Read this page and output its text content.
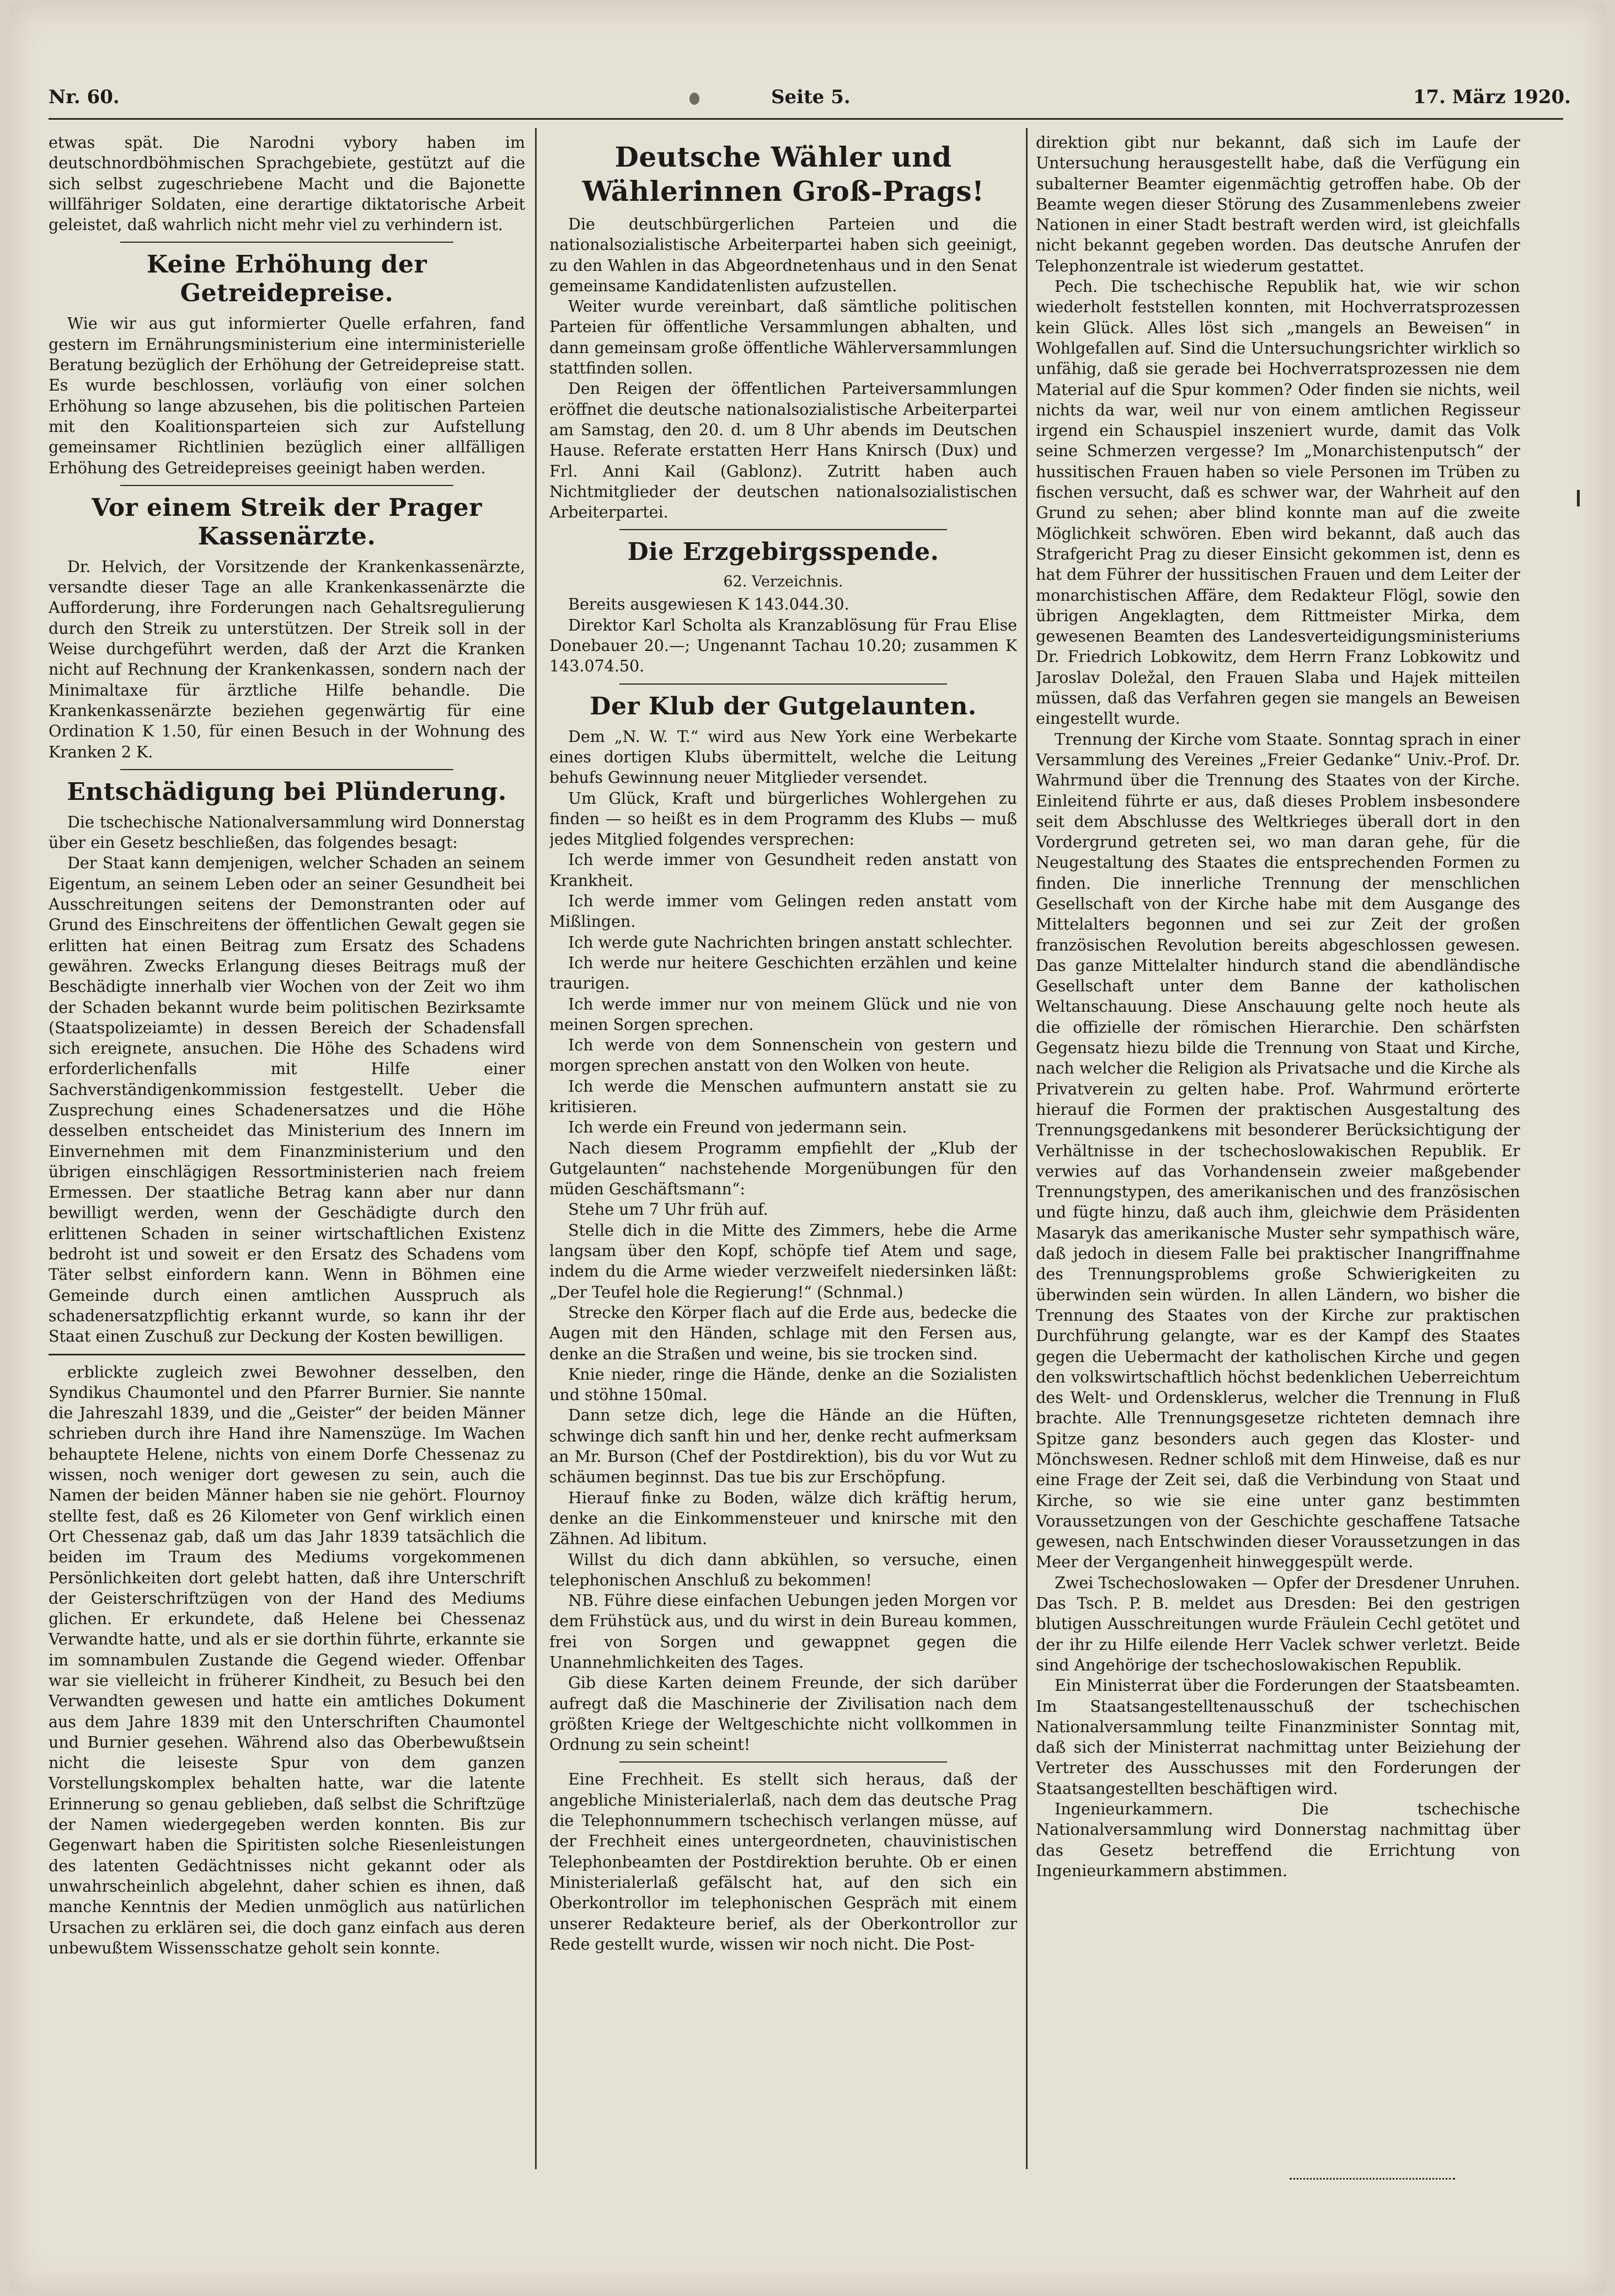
Nr. 60.	Seite 5.	17. März 1920.

etwas spät. Die Narodni vybory haben im deutschnordböhmischen Sprachgebiete, gestützt auf die sich selbst zugeschriebene Macht und die Bajonette willfähriger Soldaten, eine derartige diktatorische Arbeit geleistet, daß wahrlich nicht mehr viel zu verhindern ist.

Keine Erhöhung der Getreidepreise.

Wie wir aus gut informierter Quelle erfahren, fand gestern im Ernährungsministerium eine interministerielle Beratung bezüglich der Erhöhung der Getreidepreise statt. Es wurde beschlossen, vorläufig von einer solchen Erhöhung so lange abzusehen, bis die politischen Parteien mit den Koalitionsparteien sich zur Aufstellung gemeinsamer Richtlinien bezüglich einer allfälligen Erhöhung des Getreidepreises geeinigt haben werden.

Vor einem Streik der Prager Kassenärzte.

Dr. Helvich, der Vorsitzende der Krankenkassenärzte, versandte dieser Tage an alle Krankenkassenärzte die Aufforderung, ihre Forderungen nach Gehaltsregulierung durch den Streik zu unterstützen. Der Streik soll in der Weise durchgeführt werden, daß der Arzt die Kranken nicht auf Rechnung der Krankenkassen, sondern nach der Minimaltaxe für ärztliche Hilfe behandle. Die Krankenkassenärzte beziehen gegenwärtig für eine Ordination K 1.50, für einen Besuch in der Wohnung des Kranken 2 K.

Entschädigung bei Plünderung.

Die tschechische Nationalversammlung wird Donnerstag über ein Gesetz beschließen, das folgendes besagt:

Der Staat kann demjenigen, welcher Schaden an seinem Eigentum, an seinem Leben oder an seiner Gesundheit bei Ausschreitungen seitens der Demonstranten oder auf Grund des Einschreitens der öffentlichen Gewalt gegen sie erlitten hat einen Beitrag zum Ersatz des Schadens gewähren. Zwecks Erlangung dieses Beitrags muß der Beschädigte innerhalb vier Wochen von der Zeit wo ihm der Schaden bekannt wurde beim politischen Bezirksamte (Staatspolizeiamte) in dessen Bereich der Schadensfall sich ereignete, ansuchen. Die Höhe des Schadens wird erforderlichenfalls mit Hilfe einer Sachverständigenkommission festgestellt. Ueber die Zusprechung eines Schadenersatzes und die Höhe desselben entscheidet das Ministerium des Innern im Einvernehmen mit dem Finanzministerium und den übrigen einschlägigen Ressortministerien nach freiem Ermessen. Der staatliche Betrag kann aber nur dann bewilligt werden, wenn der Geschädigte durch den erlittenen Schaden in seiner wirtschaftlichen Existenz bedroht ist und soweit er den Ersatz des Schadens vom Täter selbst einfordern kann. Wenn in Böhmen eine Gemeinde durch einen amtlichen Ausspruch als schadenersatzpflichtig erkannt wurde, so kann ihr der Staat einen Zuschuß zur Deckung der Kosten bewilligen.

erblickte zugleich zwei Bewohner desselben, den Syndikus Chaumontel und den Pfarrer Burnier. Sie nannte die Jahreszahl 1839, und die „Geister“ der beiden Männer schrieben durch ihre Hand ihre Namenszüge. Im Wachen behauptete Helene, nichts von einem Dorfe Chessenaz zu wissen, noch weniger dort gewesen zu sein, auch die Namen der beiden Männer haben sie nie gehört. Flournoy stellte fest, daß es 26 Kilometer von Genf wirklich einen Ort Chessenaz gab, daß um das Jahr 1839 tatsächlich die beiden im Traum des Mediums vorgekommenen Persönlichkeiten dort gelebt hatten, daß ihre Unterschrift der Geisterschriftzügen von der Hand des Mediums glichen. Er erkundete, daß Helene bei Chessenaz Verwandte hatte, und als er sie dorthin führte, erkannte sie im somnambulen Zustande die Gegend wieder. Offenbar war sie vielleicht in früherer Kindheit, zu Besuch bei den Verwandten gewesen und hatte ein amtliches Dokument aus dem Jahre 1839 mit den Unterschriften Chaumontel und Burnier gesehen. Während also das Oberbewußtsein nicht die leiseste Spur von dem ganzen Vorstellungskomplex behalten hatte, war die latente Erinnerung so genau geblieben, daß selbst die Schriftzüge der Namen wiedergegeben werden konnten. Bis zur Gegenwart haben die Spiritisten solche Riesenleistungen des latenten Gedächtnisses nicht gekannt oder als unwahrscheinlich abgelehnt, daher schien es ihnen, daß manche Kenntnis der Medien unmöglich aus natürlichen Ursachen zu erklären sei, die doch ganz einfach aus deren unbewußtem Wissensschatze geholt sein konnte.

Deutsche Wähler und Wählerinnen Groß-Prags!

Die deutschbürgerlichen Parteien und die nationalsozialistische Arbeiterpartei haben sich geeinigt, zu den Wahlen in das Abgeordnetenhaus und in den Senat gemeinsame Kandidatenlisten aufzustellen.

Weiter wurde vereinbart, daß sämtliche politischen Parteien für öffentliche Versammlungen abhalten, und dann gemeinsam große öffentliche Wählerversammlungen stattfinden sollen.

Den Reigen der öffentlichen Parteiversammlungen eröffnet die deutsche nationalsozialistische Arbeiterpartei am Samstag, den 20. d. um 8 Uhr abends im Deutschen Hause. Referate erstatten Herr Hans Knirsch (Dux) und Frl. Anni Kail (Gablonz). Zutritt haben auch Nichtmitglieder der deutschen nationalsozialistischen Arbeiterpartei.

Die Erzgebirgsspende.
62. Verzeichnis.

Bereits ausgewiesen K 143.044.30.

Direktor Karl Scholta als Kranzablösung für Frau Elise Donebauer 20.—; Ungenannt Tachau 10.20; zusammen K 143.074.50.

Der Klub der Gutgelaunten.

Dem „N. W. T.“ wird aus New York eine Werbekarte eines dortigen Klubs übermittelt, welche die Leitung behufs Gewinnung neuer Mitglieder versendet.

Um Glück, Kraft und bürgerliches Wohlergehen zu finden — so heißt es in dem Programm des Klubs — muß jedes Mitglied folgendes versprechen:

Ich werde immer von Gesundheit reden anstatt von Krankheit.

Ich werde immer vom Gelingen reden anstatt vom Mißlingen.

Ich werde gute Nachrichten bringen anstatt schlechter.

Ich werde nur heitere Geschichten erzählen und keine traurigen.

Ich werde immer nur von meinem Glück und nie von meinen Sorgen sprechen.

Ich werde von dem Sonnenschein von gestern und morgen sprechen anstatt von den Wolken von heute.

Ich werde die Menschen aufmuntern anstatt sie zu kritisieren.

Ich werde ein Freund von jedermann sein.

Nach diesem Programm empfiehlt der „Klub der Gutgelaunten“ nachstehende Morgenübungen für den müden Geschäftsmann“:

Stehe um 7 Uhr früh auf.

Stelle dich in die Mitte des Zimmers, hebe die Arme langsam über den Kopf, schöpfe tief Atem und sage, indem du die Arme wieder verzweifelt niedersinken läßt: „Der Teufel hole die Regierung!“ (Schnmal.)

Strecke den Körper flach auf die Erde aus, bedecke die Augen mit den Händen, schlage mit den Fersen aus, denke an die Straßen und weine, bis sie trocken sind.

Knie nieder, ringe die Hände, denke an die Sozialisten und stöhne 150mal.

Dann setze dich, lege die Hände an die Hüften, schwinge dich sanft hin und her, denke recht aufmerksam an Mr. Burson (Chef der Postdirektion), bis du vor Wut zu schäumen beginnst. Das tue bis zur Erschöpfung.

Hierauf finke zu Boden, wälze dich kräftig herum, denke an die Einkommensteuer und knirsche mit den Zähnen. Ad libitum.

Willst du dich dann abkühlen, so versuche, einen telephonischen Anschluß zu bekommen!

NB. Führe diese einfachen Uebungen jeden Morgen vor dem Frühstück aus, und du wirst in dein Bureau kommen, frei von Sorgen und gewappnet gegen die Unannehmlichkeiten des Tages.

Gib diese Karten deinem Freunde, der sich darüber aufregt daß die Maschinerie der Zivilisation nach dem größten Kriege der Weltgeschichte nicht vollkommen in Ordnung zu sein scheint!

Eine Frechheit. Es stellt sich heraus, daß der angebliche Ministerialerlaß, nach dem das deutsche Prag die Telephonnummern tschechisch verlangen müsse, auf der Frechheit eines untergeordneten, chauvinistischen Telephonbeamten der Postdirektion beruhte. Ob er einen Ministerialerlaß gefälscht hat, auf den sich ein Oberkontrollor im telephonischen Gespräch mit einem unserer Redakteure berief, als der Oberkontrollor zur Rede gestellt wurde, wissen wir noch nicht. Die Post-

direktion gibt nur bekannt, daß sich im Laufe der Untersuchung herausgestellt habe, daß die Verfügung ein subalterner Beamter eigenmächtig getroffen habe. Ob der Beamte wegen dieser Störung des Zusammenlebens zweier Nationen in einer Stadt bestraft werden wird, ist gleichfalls nicht bekannt gegeben worden. Das deutsche Anrufen der Telephonzentrale ist wiederum gestattet.

Pech. Die tschechische Republik hat, wie wir schon wiederholt feststellen konnten, mit Hochverratsprozessen kein Glück. Alles löst sich „mangels an Beweisen“ in Wohlgefallen auf. Sind die Untersuchungsrichter wirklich so unfähig, daß sie gerade bei Hochverratsprozessen nie dem Material auf die Spur kommen? Oder finden sie nichts, weil nichts da war, weil nur von einem amtlichen Regisseur irgend ein Schauspiel inszeniert wurde, damit das Volk seine Schmerzen vergesse? Im „Monarchistenputsch“ der hussitischen Frauen haben so viele Personen im Trüben zu fischen versucht, daß es schwer war, der Wahrheit auf den Grund zu sehen; aber blind konnte man auf die zweite Möglichkeit schwören. Eben wird bekannt, daß auch das Strafgericht Prag zu dieser Einsicht gekommen ist, denn es hat dem Führer der hussitischen Frauen und dem Leiter der monarchistischen Affäre, dem Redakteur Flögl, sowie den übrigen Angeklagten, dem Rittmeister Mirka, dem gewesenen Beamten des Landesverteidigungsministeriums Dr. Friedrich Lobkowitz, dem Herrn Franz Lobkowitz und Jaroslav Doležal, den Frauen Slaba und Hajek mitteilen müssen, daß das Verfahren gegen sie mangels an Beweisen eingestellt wurde.

Trennung der Kirche vom Staate. Sonntag sprach in einer Versammlung des Vereines „Freier Gedanke“ Univ.-Prof. Dr. Wahrmund über die Trennung des Staates von der Kirche. Einleitend führte er aus, daß dieses Problem insbesondere seit dem Abschlusse des Weltkrieges überall dort in den Vordergrund getreten sei, wo man daran gehe, für die Neugestaltung des Staates die entsprechenden Formen zu finden. Die innerliche Trennung der menschlichen Gesellschaft von der Kirche habe mit dem Ausgange des Mittelalters begonnen und sei zur Zeit der großen französischen Revolution bereits abgeschlossen gewesen. Das ganze Mittelalter hindurch stand die abendländische Gesellschaft unter dem Banne der katholischen Weltanschauung. Diese Anschauung gelte noch heute als die offizielle der römischen Hierarchie. Den schärfsten Gegensatz hiezu bilde die Trennung von Staat und Kirche, nach welcher die Religion als Privatsache und die Kirche als Privatverein zu gelten habe. Prof. Wahrmund erörterte hierauf die Formen der praktischen Ausgestaltung des Trennungsgedankens mit besonderer Berücksichtigung der Verhältnisse in der tschechoslowakischen Republik. Er verwies auf das Vorhandensein zweier maßgebender Trennungstypen, des amerikanischen und des französischen und fügte hinzu, daß auch ihm, gleichwie dem Präsidenten Masaryk das amerikanische Muster sehr sympathisch wäre, daß jedoch in diesem Falle bei praktischer Inangriffnahme des Trennungsproblems große Schwierigkeiten zu überwinden sein würden. In allen Ländern, wo bisher die Trennung des Staates von der Kirche zur praktischen Durchführung gelangte, war es der Kampf des Staates gegen die Uebermacht der katholischen Kirche und gegen den volkswirtschaftlich höchst bedenklichen Ueberreichtum des Welt- und Ordensklerus, welcher die Trennung in Fluß brachte. Alle Trennungsgesetze richteten demnach ihre Spitze ganz besonders auch gegen das Kloster- und Mönchswesen. Redner schloß mit dem Hinweise, daß es nur eine Frage der Zeit sei, daß die Verbindung von Staat und Kirche, so wie sie eine unter ganz bestimmten Voraussetzungen von der Geschichte geschaffene Tatsache gewesen, nach Entschwinden dieser Voraussetzungen in das Meer der Vergangenheit hinweggespült werde.

Zwei Tschechoslowaken — Opfer der Dresdener Unruhen. Das Tsch. P. B. meldet aus Dresden: Bei den gestrigen blutigen Ausschreitungen wurde Fräulein Cechl getötet und der ihr zu Hilfe eilende Herr Vaclek schwer verletzt. Beide sind Angehörige der tschechoslowakischen Republik.

Ein Ministerrat über die Forderungen der Staatsbeamten. Im Staatsangestelltenausschuß der tschechischen Nationalversammlung teilte Finanzminister Sonntag mit, daß sich der Ministerrat nachmittag unter Beiziehung der Vertreter des Ausschusses mit den Forderungen der Staatsangestellten beschäftigen wird.

Ingenieurkammern. Die tschechische Nationalversammlung wird Donnerstag nachmittag über das Gesetz betreffend die Errichtung von Ingenieurkammern abstimmen.
